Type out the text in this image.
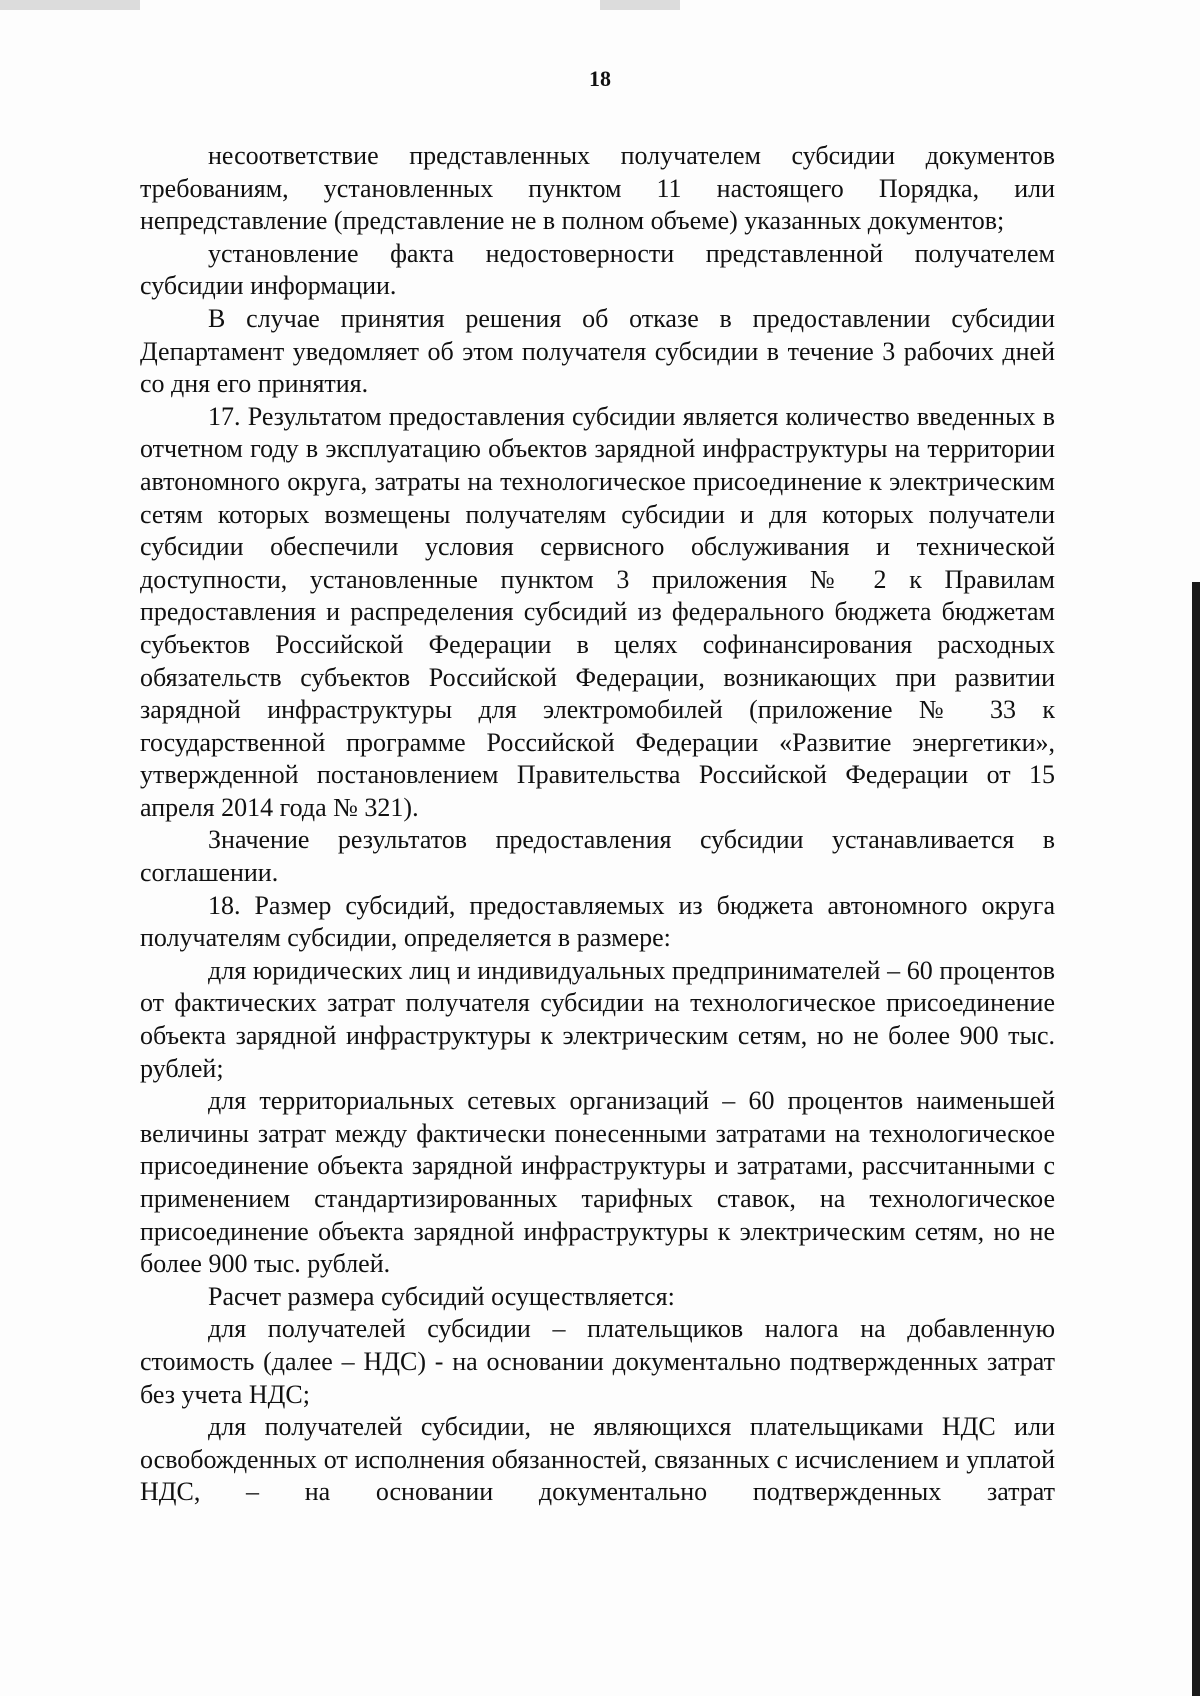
18

несоответствие представленных получателем субсидии документов требованиям, установленных пунктом 11 настоящего Порядка, или непредставление (представление не в полном объеме) указанных документов;

установление факта недостоверности представленной получателем субсидии информации.

В случае принятия решения об отказе в предоставлении субсидии Департамент уведомляет об этом получателя субсидии в течение 3 рабочих дней со дня его принятия.

17. Результатом предоставления субсидии является количество введенных в отчетном году в эксплуатацию объектов зарядной инфраструктуры на территории автономного округа, затраты на технологическое присоединение к электрическим сетям которых возмещены получателям субсидии и для которых получатели субсидии обеспечили условия сервисного обслуживания и технической доступности, установленные пунктом 3 приложения № 2 к Правилам предоставления и распределения субсидий из федерального бюджета бюджетам субъектов Российской Федерации в целях софинансирования расходных обязательств субъектов Российской Федерации, возникающих при развитии зарядной инфраструктуры для электромобилей (приложение № 33 к государственной программе Российской Федерации «Развитие энергетики», утвержденной постановлением Правительства Российской Федерации от 15 апреля 2014 года № 321).

Значение результатов предоставления субсидии устанавливается в соглашении.

18. Размер субсидий, предоставляемых из бюджета автономного округа получателям субсидии, определяется в размере:

для юридических лиц и индивидуальных предпринимателей – 60 процентов от фактических затрат получателя субсидии на технологическое присоединение объекта зарядной инфраструктуры к электрическим сетям, но не более 900 тыс. рублей;

для территориальных сетевых организаций – 60 процентов наименьшей величины затрат между фактически понесенными затратами на технологическое присоединение объекта зарядной инфраструктуры и затратами, рассчитанными с применением стандартизированных тарифных ставок, на технологическое присоединение объекта зарядной инфраструктуры к электрическим сетям, но не более 900 тыс. рублей.

Расчет размера субсидий осуществляется:

для получателей субсидии – плательщиков налога на добавленную стоимость (далее – НДС) - на основании документально подтвержденных затрат без учета НДС;

для получателей субсидии, не являющихся плательщиками НДС или освобожденных от исполнения обязанностей, связанных с исчислением и уплатой НДС, – на основании документально подтвержденных затрат
